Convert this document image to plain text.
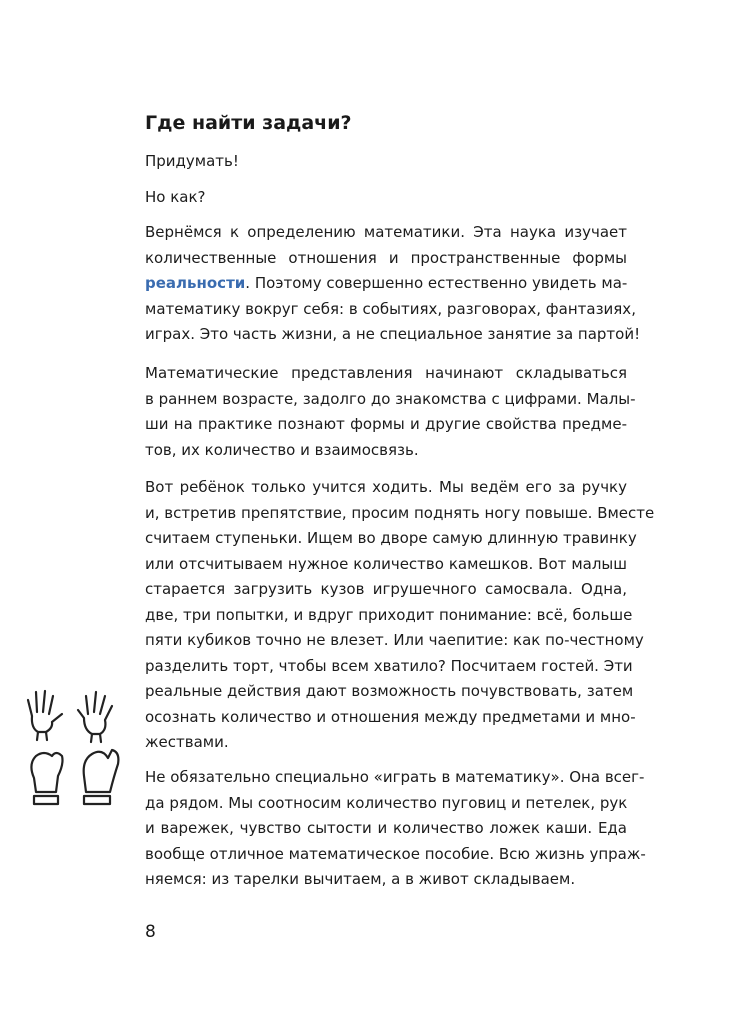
Где найти задачи?
Придумать!
Но как?
Вернёмся к определению математики. Эта наука изучает
количественные отношения и пространственные формы
реальности. Поэтому совершенно естественно увидеть ма-
математику вокруг себя: в событиях, разговорах, фантазиях,
играх. Это часть жизни, а не специальное занятие за партой!
Математические представления начинают складываться
в раннем возрасте, задолго до знакомства с цифрами. Малы-
ши на практике познают формы и другие свойства предме-
тов, их количество и взаимосвязь.
Вот ребёнок только учится ходить. Мы ведём его за ручку
и, встретив препятствие, просим поднять ногу повыше. Вместе
считаем ступеньки. Ищем во дворе самую длинную травинку
или отсчитываем нужное количество камешков. Вот малыш
старается загрузить кузов игрушечного самосвала. Одна,
две, три попытки, и вдруг приходит понимание: всё, больше
пяти кубиков точно не влезет. Или чаепитие: как по-честному
разделить торт, чтобы всем хватило? Посчитаем гостей. Эти
реальные действия дают возможность почувствовать, затем
осознать количество и отношения между предметами и мно-
жествами.
Не обязательно специально «играть в математику». Она всег-
да рядом. Мы соотносим количество пуговиц и петелек, рук
и варежек, чувство сытости и количество ложек каши. Еда
вообще отличное математическое пособие. Всю жизнь упраж-
няемся: из тарелки вычитаем, а в живот складываем.
8
